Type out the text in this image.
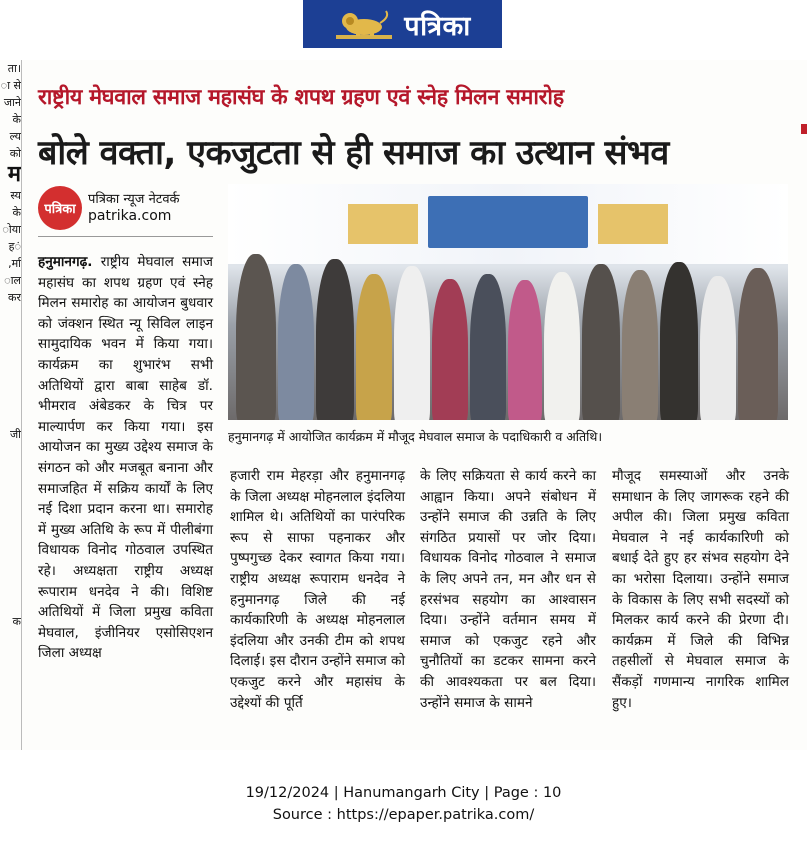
पत्रिका
ता।
ा से
जाने
के
ल्य
को
म
स्य
के
ोया
ंह
र्मा,
ाल
कर
जी
क
राष्ट्रीय मेघवाल समाज महासंघ के शपथ ग्रहण एवं स्नेह मिलन समारोह
बोले वक्ता, एकजुटता से ही समाज का उत्थान संभव
पत्रिका
पत्रिका न्यूज नेटवर्क
patrika.com
हनुमानगढ़ में आयोजित कार्यक्रम में मौजूद मेघवाल समाज के पदाधिकारी व अतिथि।

हनुमानगढ़. राष्ट्रीय मेघवाल समाज महासंघ का शपथ ग्रहण एवं स्नेह मिलन समारोह का आयोजन बुधवार को जंक्शन स्थित न्यू सिविल लाइन सामुदायिक भवन में किया गया। कार्यक्रम का शुभारंभ सभी अतिथियों द्वारा बाबा साहेब डॉ. भीमराव अंबेडकर के चित्र पर माल्यार्पण कर किया गया। इस आयोजन का मुख्य उद्देश्य समाज के संगठन को और मजबूत बनाना और समाजहित में सक्रिय कार्यों के लिए नई दिशा प्रदान करना था। समारोह में मुख्य अतिथि के रूप में पीलीबंगा विधायक विनोद गोठवाल उपस्थित रहे। अध्यक्षता राष्ट्रीय अध्यक्ष रूपाराम धनदेव ने की। विशिष्ट अतिथियों में जिला प्रमुख कविता मेघवाल, इंजीनियर एसोसिएशन जिला अध्यक्ष

हजारी राम मेहरड़ा और हनुमानगढ़ के जिला अध्यक्ष मोहनलाल इंदलिया शामिल थे। अतिथियों का पारंपरिक रूप से साफा पहनाकर और पुष्पगुच्छ देकर स्वागत किया गया। राष्ट्रीय अध्यक्ष रूपाराम धनदेव ने हनुमानगढ़ जिले की नई कार्यकारिणी के अध्यक्ष मोहनलाल इंदलिया और उनकी टीम को शपथ दिलाई। इस दौरान उन्होंने समाज को एकजुट करने और महासंघ के उद्देश्यों की पूर्ति

के लिए सक्रियता से कार्य करने का आह्वान किया। अपने संबोधन में उन्होंने समाज की उन्नति के लिए संगठित प्रयासों पर जोर दिया। विधायक विनोद गोठवाल ने समाज के लिए अपने तन, मन और धन से हरसंभव सहयोग का आश्वासन दिया। उन्होंने वर्तमान समय में समाज को एकजुट रहने और चुनौतियों का डटकर सामना करने की आवश्यकता पर बल दिया। उन्होंने समाज के सामने

मौजूद समस्याओं और उनके समाधान के लिए जागरूक रहने की अपील की। जिला प्रमुख कविता मेघवाल ने नई कार्यकारिणी को बधाई देते हुए हर संभव सहयोग देने का भरोसा दिलाया। उन्होंने समाज के विकास के लिए सभी सदस्यों को मिलकर कार्य करने की प्रेरणा दी। कार्यक्रम में जिले की विभिन्न तहसीलों से मेघवाल समाज के सैंकड़ों गणमान्य नागरिक शामिल हुए।

19/12/2024 | Hanumangarh City | Page : 10
Source : https://epaper.patrika.com/
